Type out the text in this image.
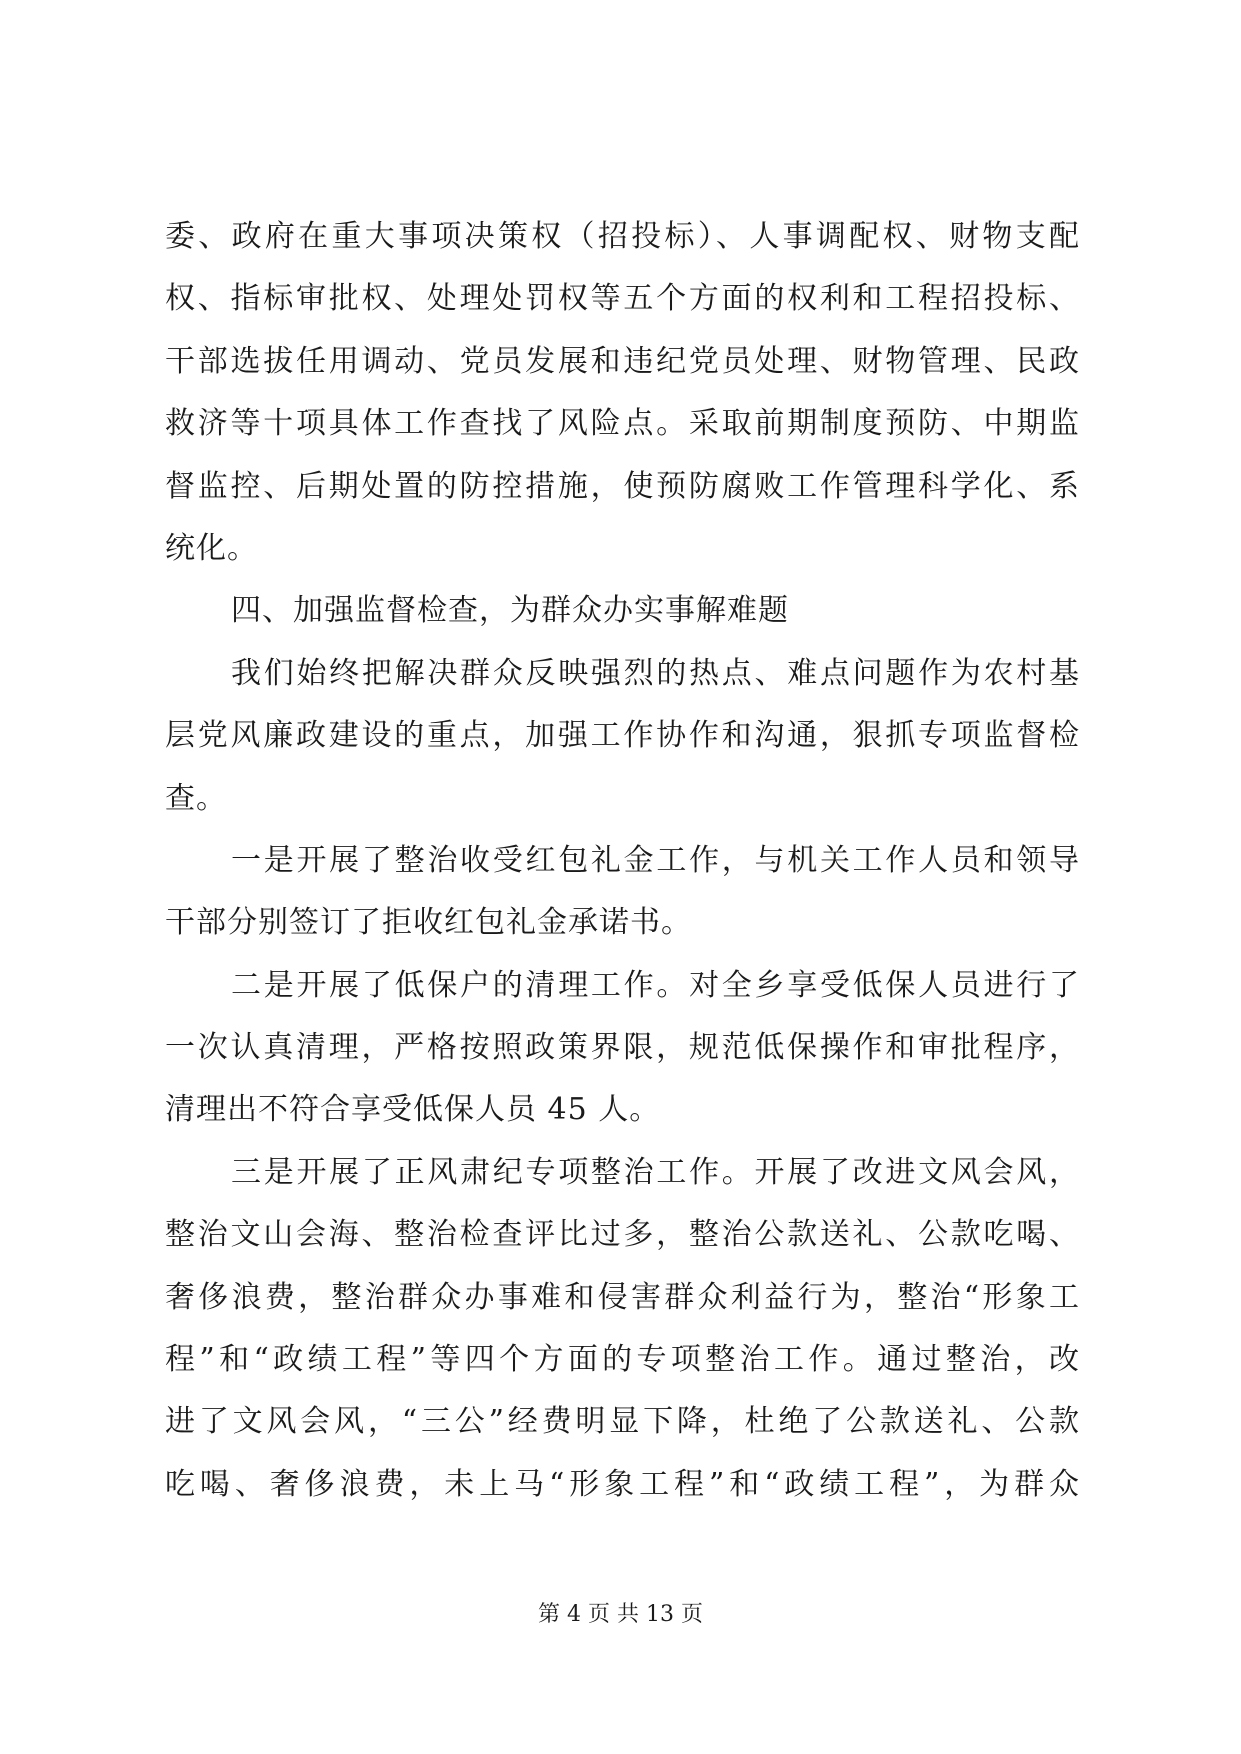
委、政府在重大事项决策权（招投标）、人事调配权、财物支配
权、指标审批权、处理处罚权等五个方面的权利和工程招投标、
干部选拔任用调动、党员发展和违纪党员处理、财物管理、民政
救济等十项具体工作查找了风险点。采取前期制度预防、中期监
督监控、后期处置的防控措施，使预防腐败工作管理科学化、系
统化。
四、加强监督检查，为群众办实事解难题
我们始终把解决群众反映强烈的热点、难点问题作为农村基
层党风廉政建设的重点，加强工作协作和沟通，狠抓专项监督检
查。
一是开展了整治收受红包礼金工作，与机关工作人员和领导
干部分别签订了拒收红包礼金承诺书。
二是开展了低保户的清理工作。对全乡享受低保人员进行了
一次认真清理，严格按照政策界限，规范低保操作和审批程序，
清理出不符合享受低保人员 45 人。
三是开展了正风肃纪专项整治工作。开展了改进文风会风，
整治文山会海、整治检查评比过多，整治公款送礼、公款吃喝、
奢侈浪费，整治群众办事难和侵害群众利益行为，整治“形象工
程”和“政绩工程”等四个方面的专项整治工作。通过整治，改
进了文风会风，“三公”经费明显下降，杜绝了公款送礼、公款
吃喝、奢侈浪费，未上马“形象工程”和“政绩工程”，为群众
第 4 页 共 13 页
